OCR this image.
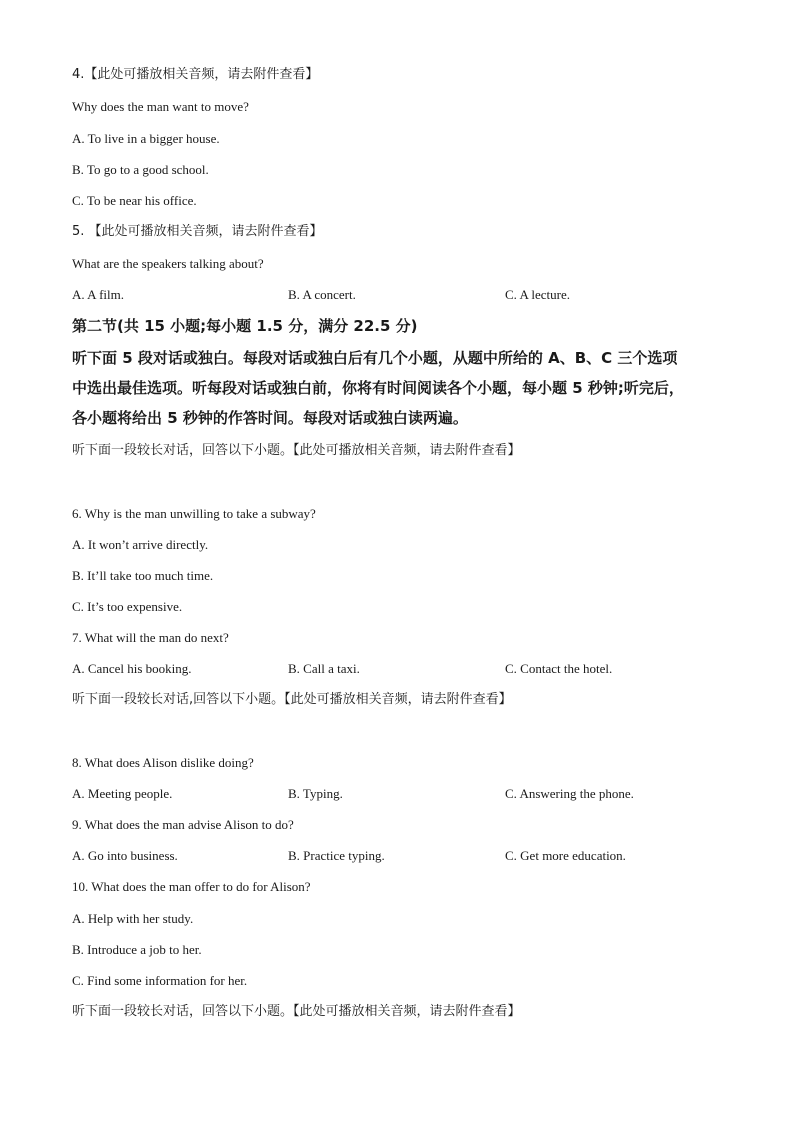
4.【此处可播放相关音频，请去附件查看】
Why does the man want to move?
A. To live in a bigger house.
B. To go to a good school.
C. To be near his office.
5. 【此处可播放相关音频，请去附件查看】
What are the speakers talking about?
A. A film.	B. A concert.	C. A lecture.
第二节(共 15 小题;每小题 1.5 分，满分 22.5 分)
听下面 5 段对话或独白。每段对话或独白后有几个小题，从题中所给的 A、B、C 三个选项
中选出最佳选项。听每段对话或独白前，你将有时间阅读各个小题，每小题 5 秒钟;听完后，
各小题将给出 5 秒钟的作答时间。每段对话或独白读两遍。
听下面一段较长对话，回答以下小题。【此处可播放相关音频，请去附件查看】
6. Why is the man unwilling to take a subway?
A. It won’t arrive directly.
B. It’ll take too much time.
C. It’s too expensive.
7. What will the man do next?
A. Cancel his booking.	B. Call a taxi.	C. Contact the hotel.
听下面一段较长对话,回答以下小题。【此处可播放相关音频，请去附件查看】
8. What does Alison dislike doing?
A. Meeting people.	B. Typing.	C. Answering the phone.
9. What does the man advise Alison to do?
A. Go into business.	B. Practice typing.	C. Get more education.
10. What does the man offer to do for Alison?
A. Help with her study.
B. Introduce a job to her.
C. Find some information for her.
听下面一段较长对话，回答以下小题。【此处可播放相关音频，请去附件查看】
